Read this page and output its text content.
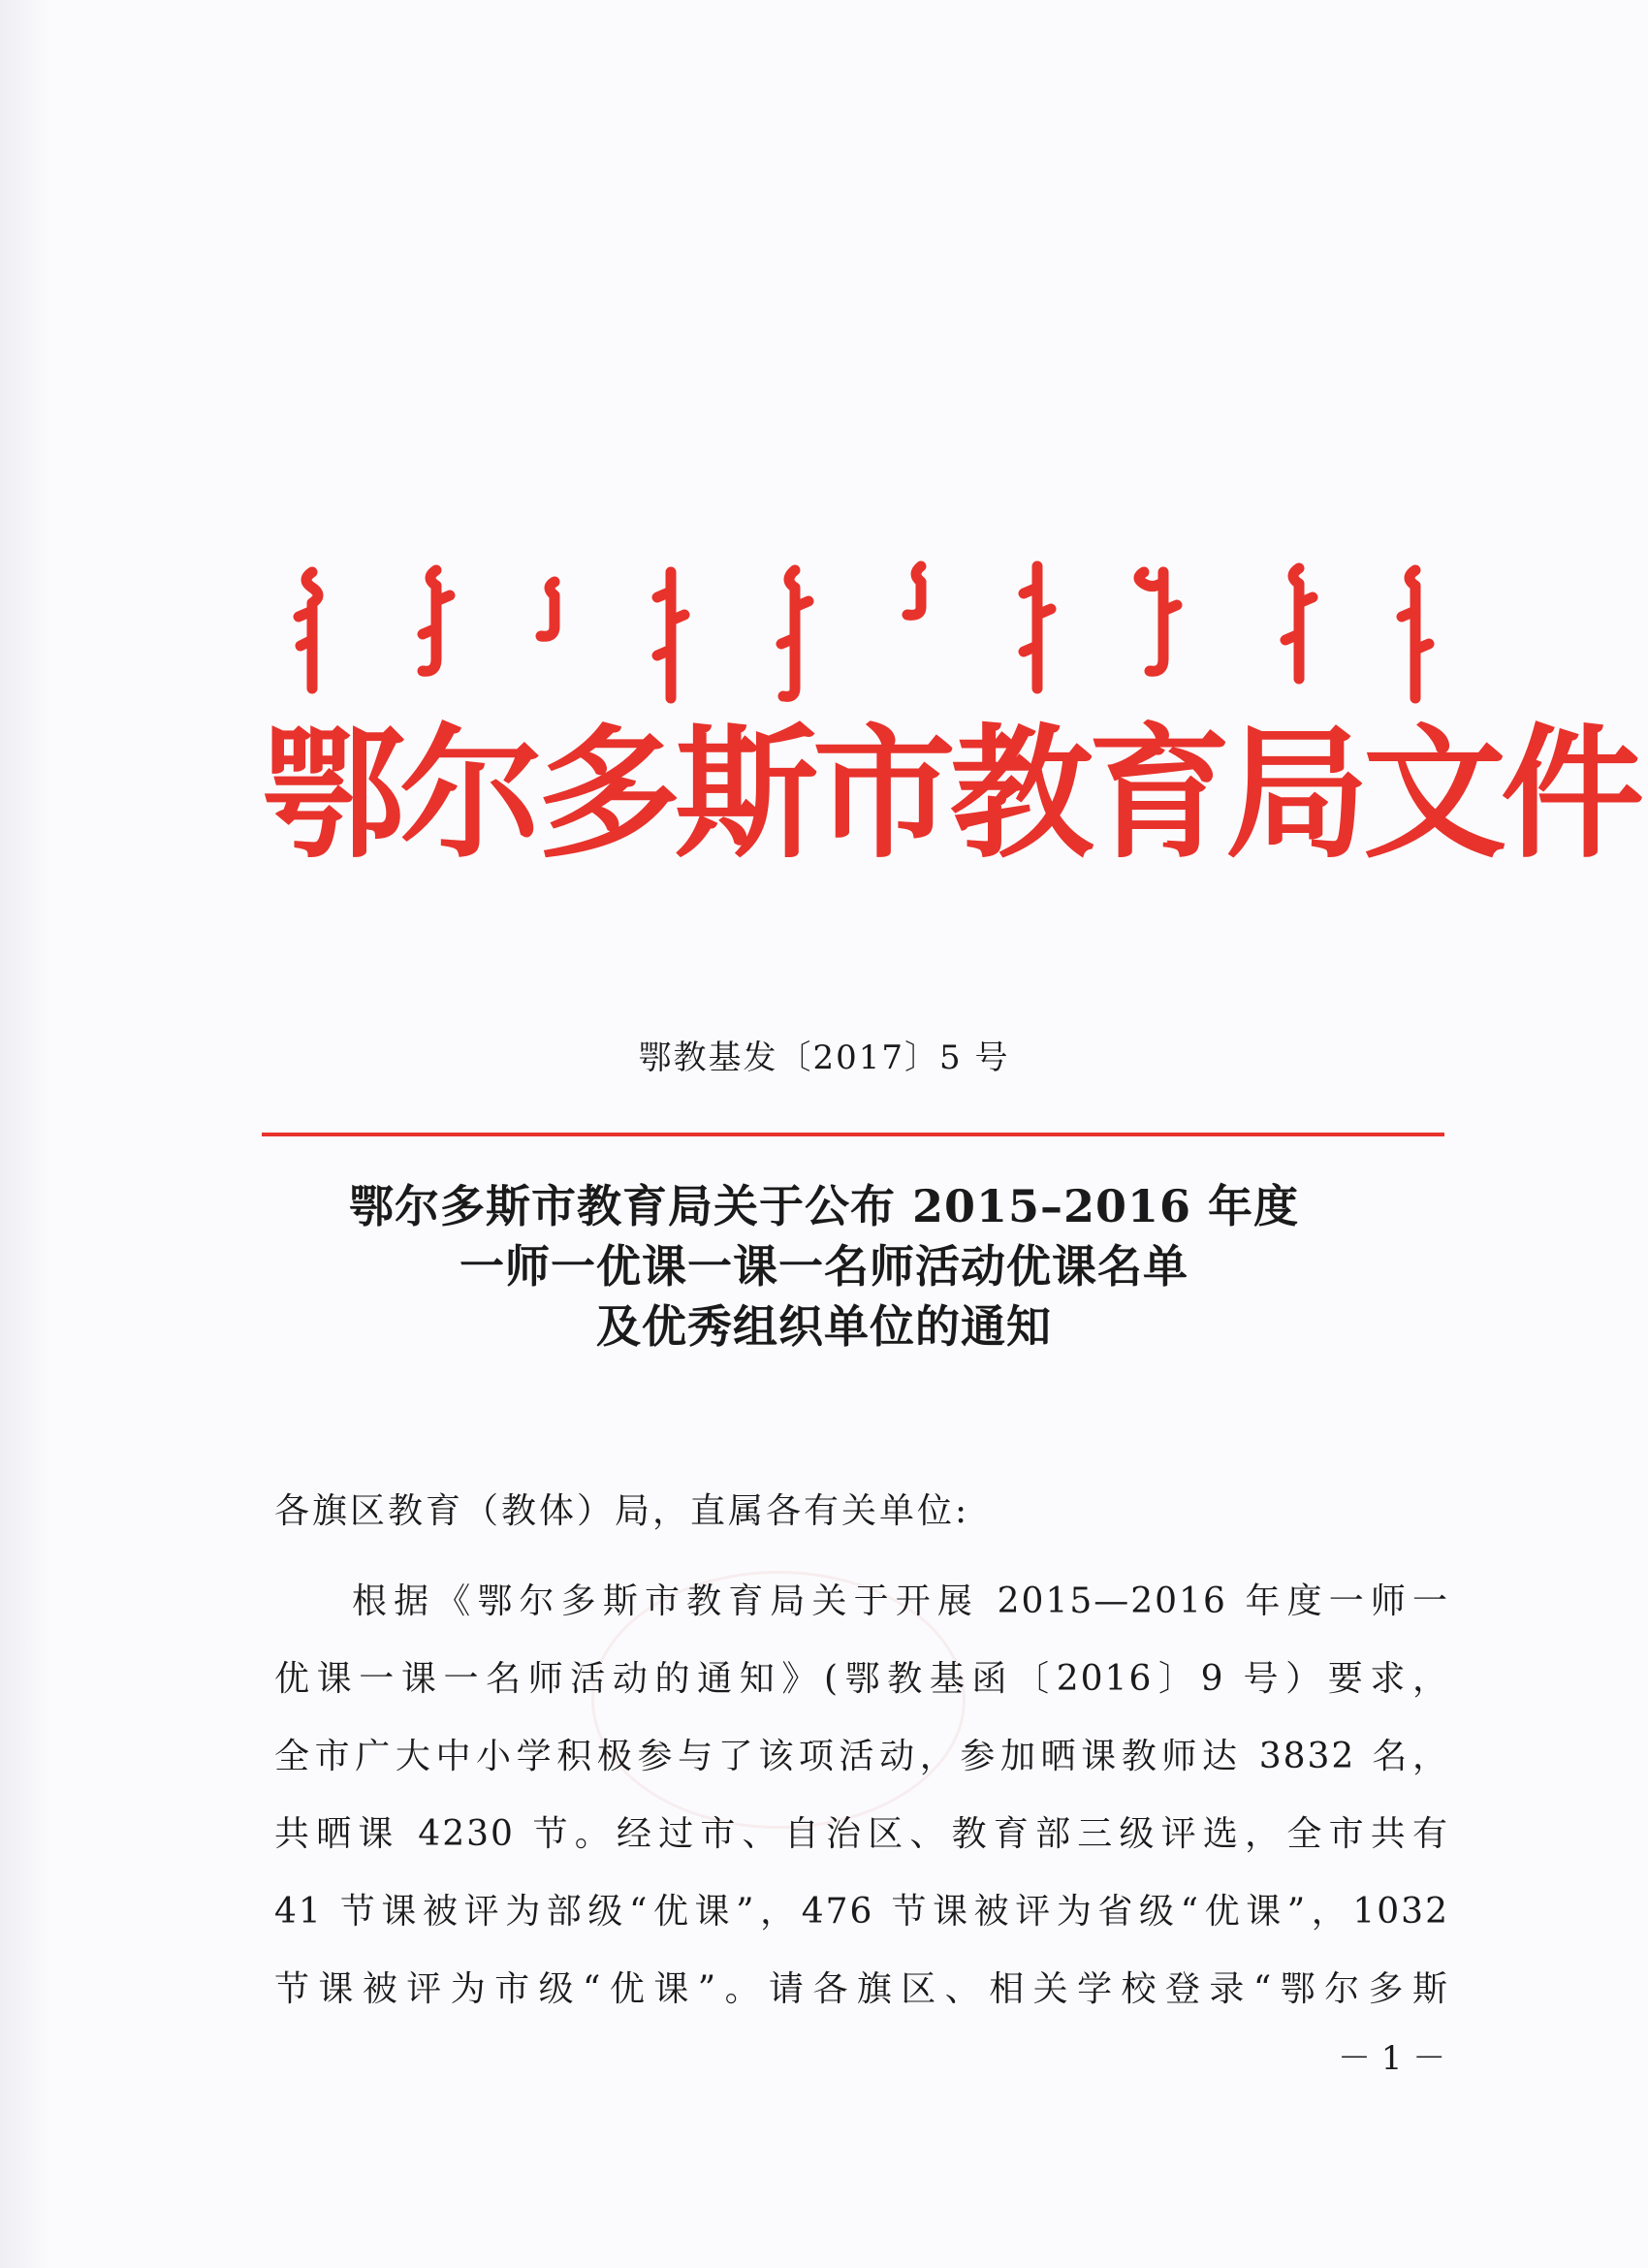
鄂尔多斯市教育局文件
鄂教基发〔2017〕5 号
鄂尔多斯市教育局关于公布 2015–2016 年度
一师一优课一课一名师活动优课名单
及优秀组织单位的通知
各旗区教育（教体）局，直属各有关单位:
根据《鄂尔多斯市教育局关于开展 2015—2016 年度一师一
优课一课一名师活动的通知》(鄂教基函〔2016〕9 号）要求，
全市广大中小学积极参与了该项活动，参加晒课教师达 3832 名，
共晒课 4230 节。经过市、自治区、教育部三级评选，全市共有
41 节课被评为部级“优课”，476 节课被评为省级“优课”，1032
节课被评为市级“优课”。请各旗区、相关学校登录“鄂尔多斯
－ 1 －
